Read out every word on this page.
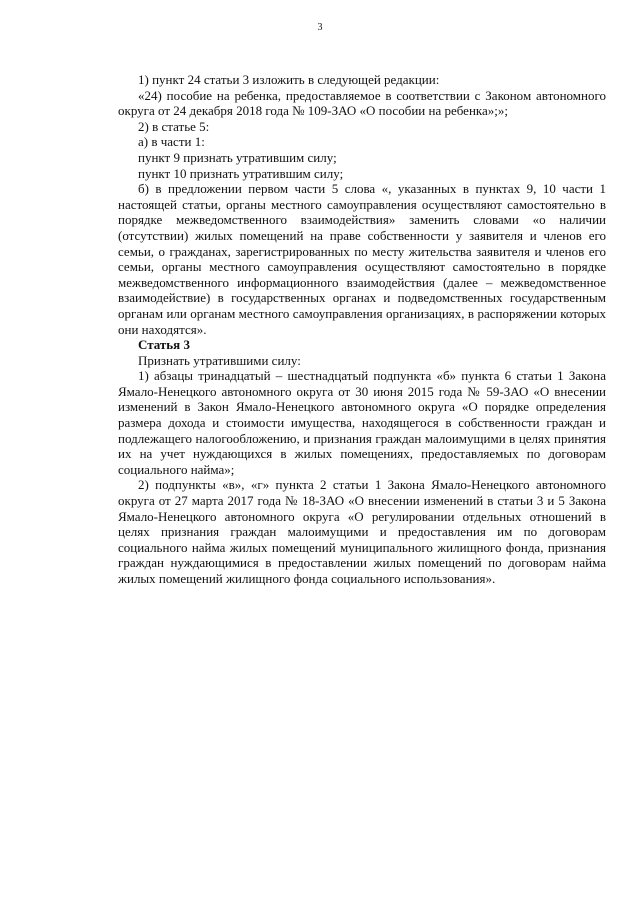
3

1) пункт 24 статьи 3 изложить в следующей редакции:

«24) пособие на ребенка, предоставляемое в соответствии с Законом автономного округа от 24 декабря 2018 года № 109-ЗАО «О пособии на ребенка»;»;

2) в статье 5:

а) в части 1:

пункт 9 признать утратившим силу;

пункт 10 признать утратившим силу;

б) в предложении первом части 5 слова «, указанных в пунктах 9, 10 части 1 настоящей статьи, органы местного самоуправления осуществляют самостоятельно в порядке межведомственного взаимодействия» заменить словами «о наличии (отсутствии) жилых помещений на праве собственности у заявителя и членов его семьи, о гражданах, зарегистрированных по месту жительства заявителя и членов его семьи, органы местного самоуправления осуществляют самостоятельно в порядке межведомственного информационного взаимодействия (далее – межведомственное взаимодействие) в государственных органах и подведомственных государственным органам или органам местного самоуправления организациях, в распоряжении которых они находятся».

Статья 3

Признать утратившими силу:

1) абзацы тринадцатый – шестнадцатый подпункта «б» пункта 6 статьи 1 Закона Ямало-Ненецкого автономного округа от 30 июня 2015 года № 59-ЗАО «О внесении изменений в Закон Ямало-Ненецкого автономного округа «О порядке определения размера дохода и стоимости имущества, находящегося в собственности граждан и подлежащего налогообложению, и признания граждан малоимущими в целях принятия их на учет нуждающихся в жилых помещениях, предоставляемых по договорам социального найма»;

2) подпункты «в», «г» пункта 2 статьи 1 Закона Ямало-Ненецкого автономного округа от 27 марта 2017 года № 18-ЗАО «О внесении изменений в статьи 3 и 5 Закона Ямало-Ненецкого автономного округа «О регулировании отдельных отношений в целях признания граждан малоимущими и предоставления им по договорам социального найма жилых помещений муниципального жилищного фонда, признания граждан нуждающимися в предоставлении жилых помещений по договорам найма жилых помещений жилищного фонда социального использования».
